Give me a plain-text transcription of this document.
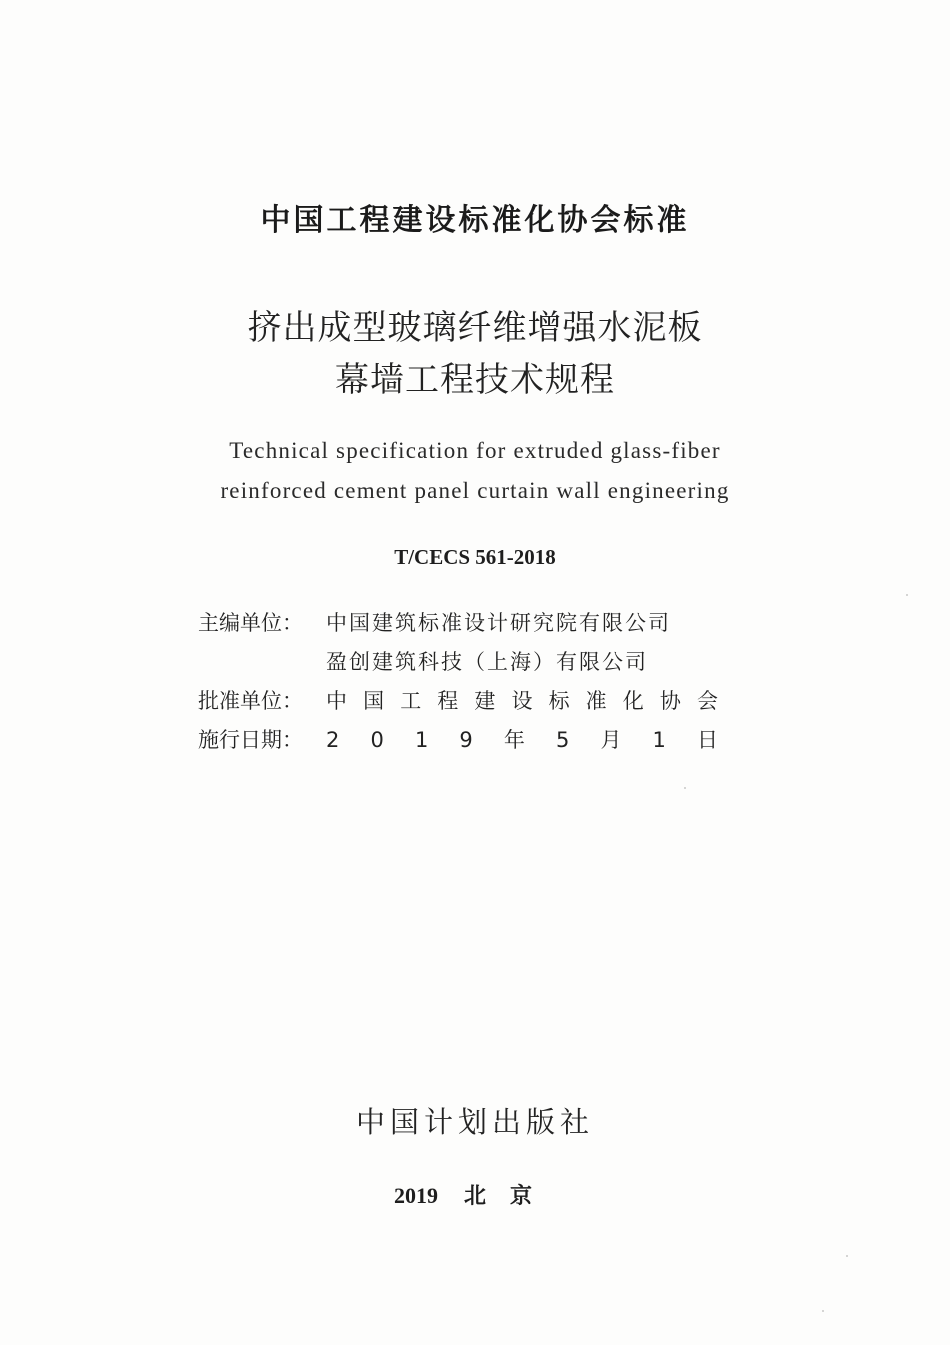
中国工程建设标准化协会标准
挤出成型玻璃纤维增强水泥板
幕墙工程技术规程
Technical specification for extruded glass-fiber
reinforced cement panel curtain wall engineering
T/CECS 561-2018
主编单位：	中国建筑标准设计研究院有限公司
盈创建筑科技（上海）有限公司
批准单位：	中 国 工 程 建 设 标 准 化 协 会
施行日期：	2 0 1 9 年 5 月 1 日
中国计划出版社
2019 北京
